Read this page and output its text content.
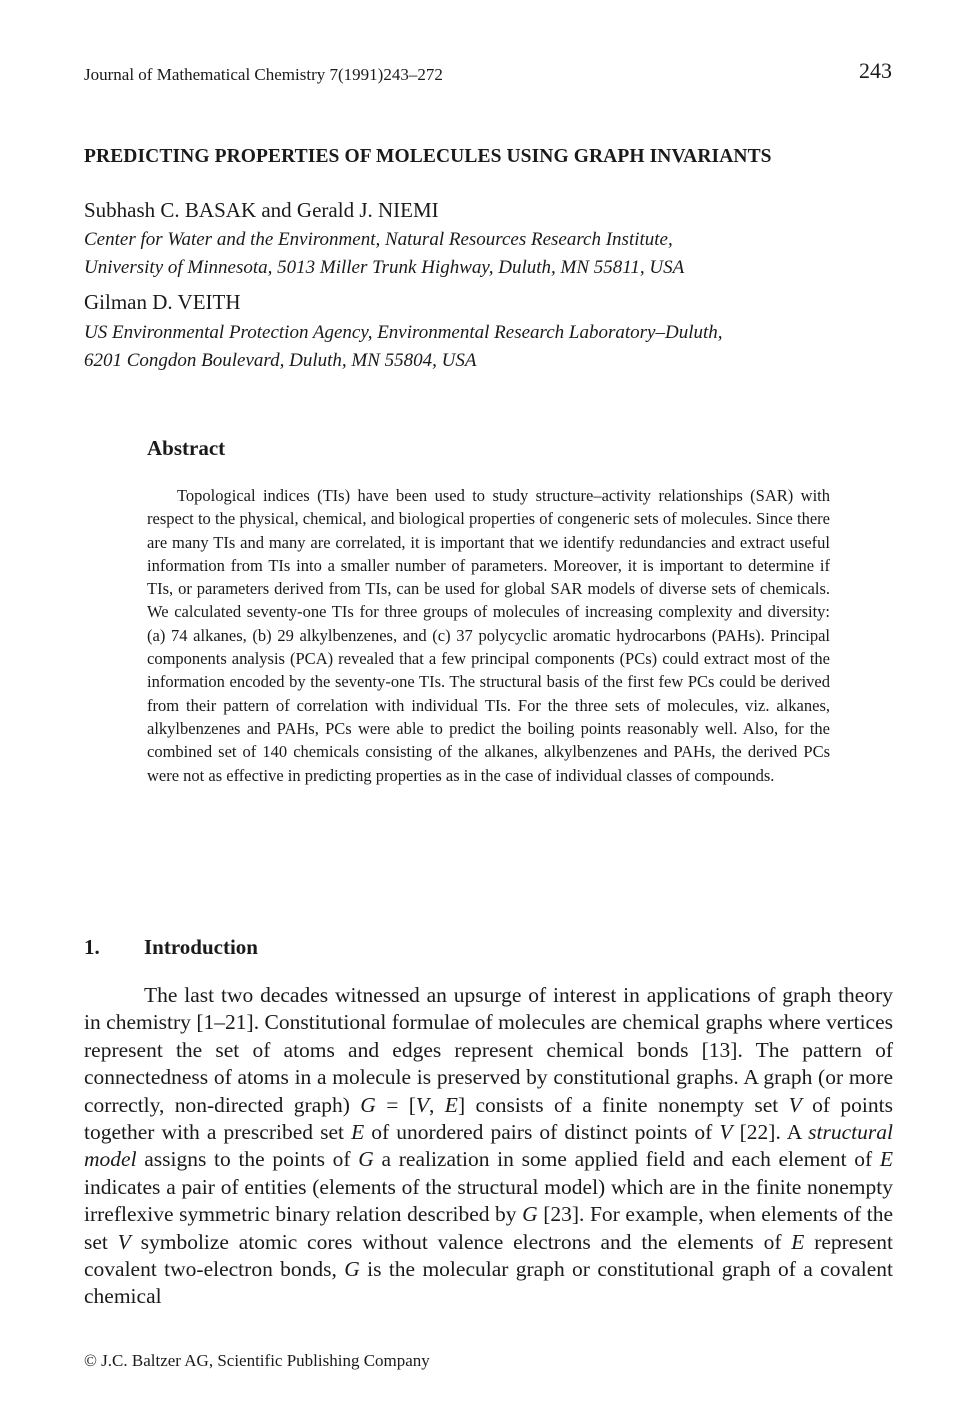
Journal of Mathematical Chemistry 7(1991)243–272	243
PREDICTING PROPERTIES OF MOLECULES USING GRAPH INVARIANTS
Subhash C. BASAK and Gerald J. NIEMI
Center for Water and the Environment, Natural Resources Research Institute,
University of Minnesota, 5013 Miller Trunk Highway, Duluth, MN 55811, USA
Gilman D. VEITH
US Environmental Protection Agency, Environmental Research Laboratory–Duluth,
6201 Congdon Boulevard, Duluth, MN 55804, USA
Abstract
Topological indices (TIs) have been used to study structure–activity relationships (SAR) with respect to the physical, chemical, and biological properties of congeneric sets of molecules. Since there are many TIs and many are correlated, it is important that we identify redundancies and extract useful information from TIs into a smaller number of parameters. Moreover, it is important to determine if TIs, or parameters derived from TIs, can be used for global SAR models of diverse sets of chemicals. We calculated seventy-one TIs for three groups of molecules of increasing complexity and diversity: (a) 74 alkanes, (b) 29 alkylbenzenes, and (c) 37 polycyclic aromatic hydrocarbons (PAHs). Principal components analysis (PCA) revealed that a few principal components (PCs) could extract most of the information encoded by the seventy-one TIs. The structural basis of the first few PCs could be derived from their pattern of correlation with individual TIs. For the three sets of molecules, viz. alkanes, alkylbenzenes and PAHs, PCs were able to predict the boiling points reasonably well. Also, for the combined set of 140 chemicals consisting of the alkanes, alkylbenzenes and PAHs, the derived PCs were not as effective in predicting properties as in the case of individual classes of compounds.
1. Introduction
The last two decades witnessed an upsurge of interest in applications of graph theory in chemistry [1–21]. Constitutional formulae of molecules are chemical graphs where vertices represent the set of atoms and edges represent chemical bonds [13]. The pattern of connectedness of atoms in a molecule is preserved by constitutional graphs. A graph (or more correctly, non-directed graph) G = [V, E] consists of a finite nonempty set V of points together with a prescribed set E of unordered pairs of distinct points of V [22]. A structural model assigns to the points of G a realization in some applied field and each element of E indicates a pair of entities (elements of the structural model) which are in the finite nonempty irreflexive symmetric binary relation described by G [23]. For example, when elements of the set V symbolize atomic cores without valence electrons and the elements of E represent covalent two-electron bonds, G is the molecular graph or constitutional graph of a covalent chemical
© J.C. Baltzer AG, Scientific Publishing Company
